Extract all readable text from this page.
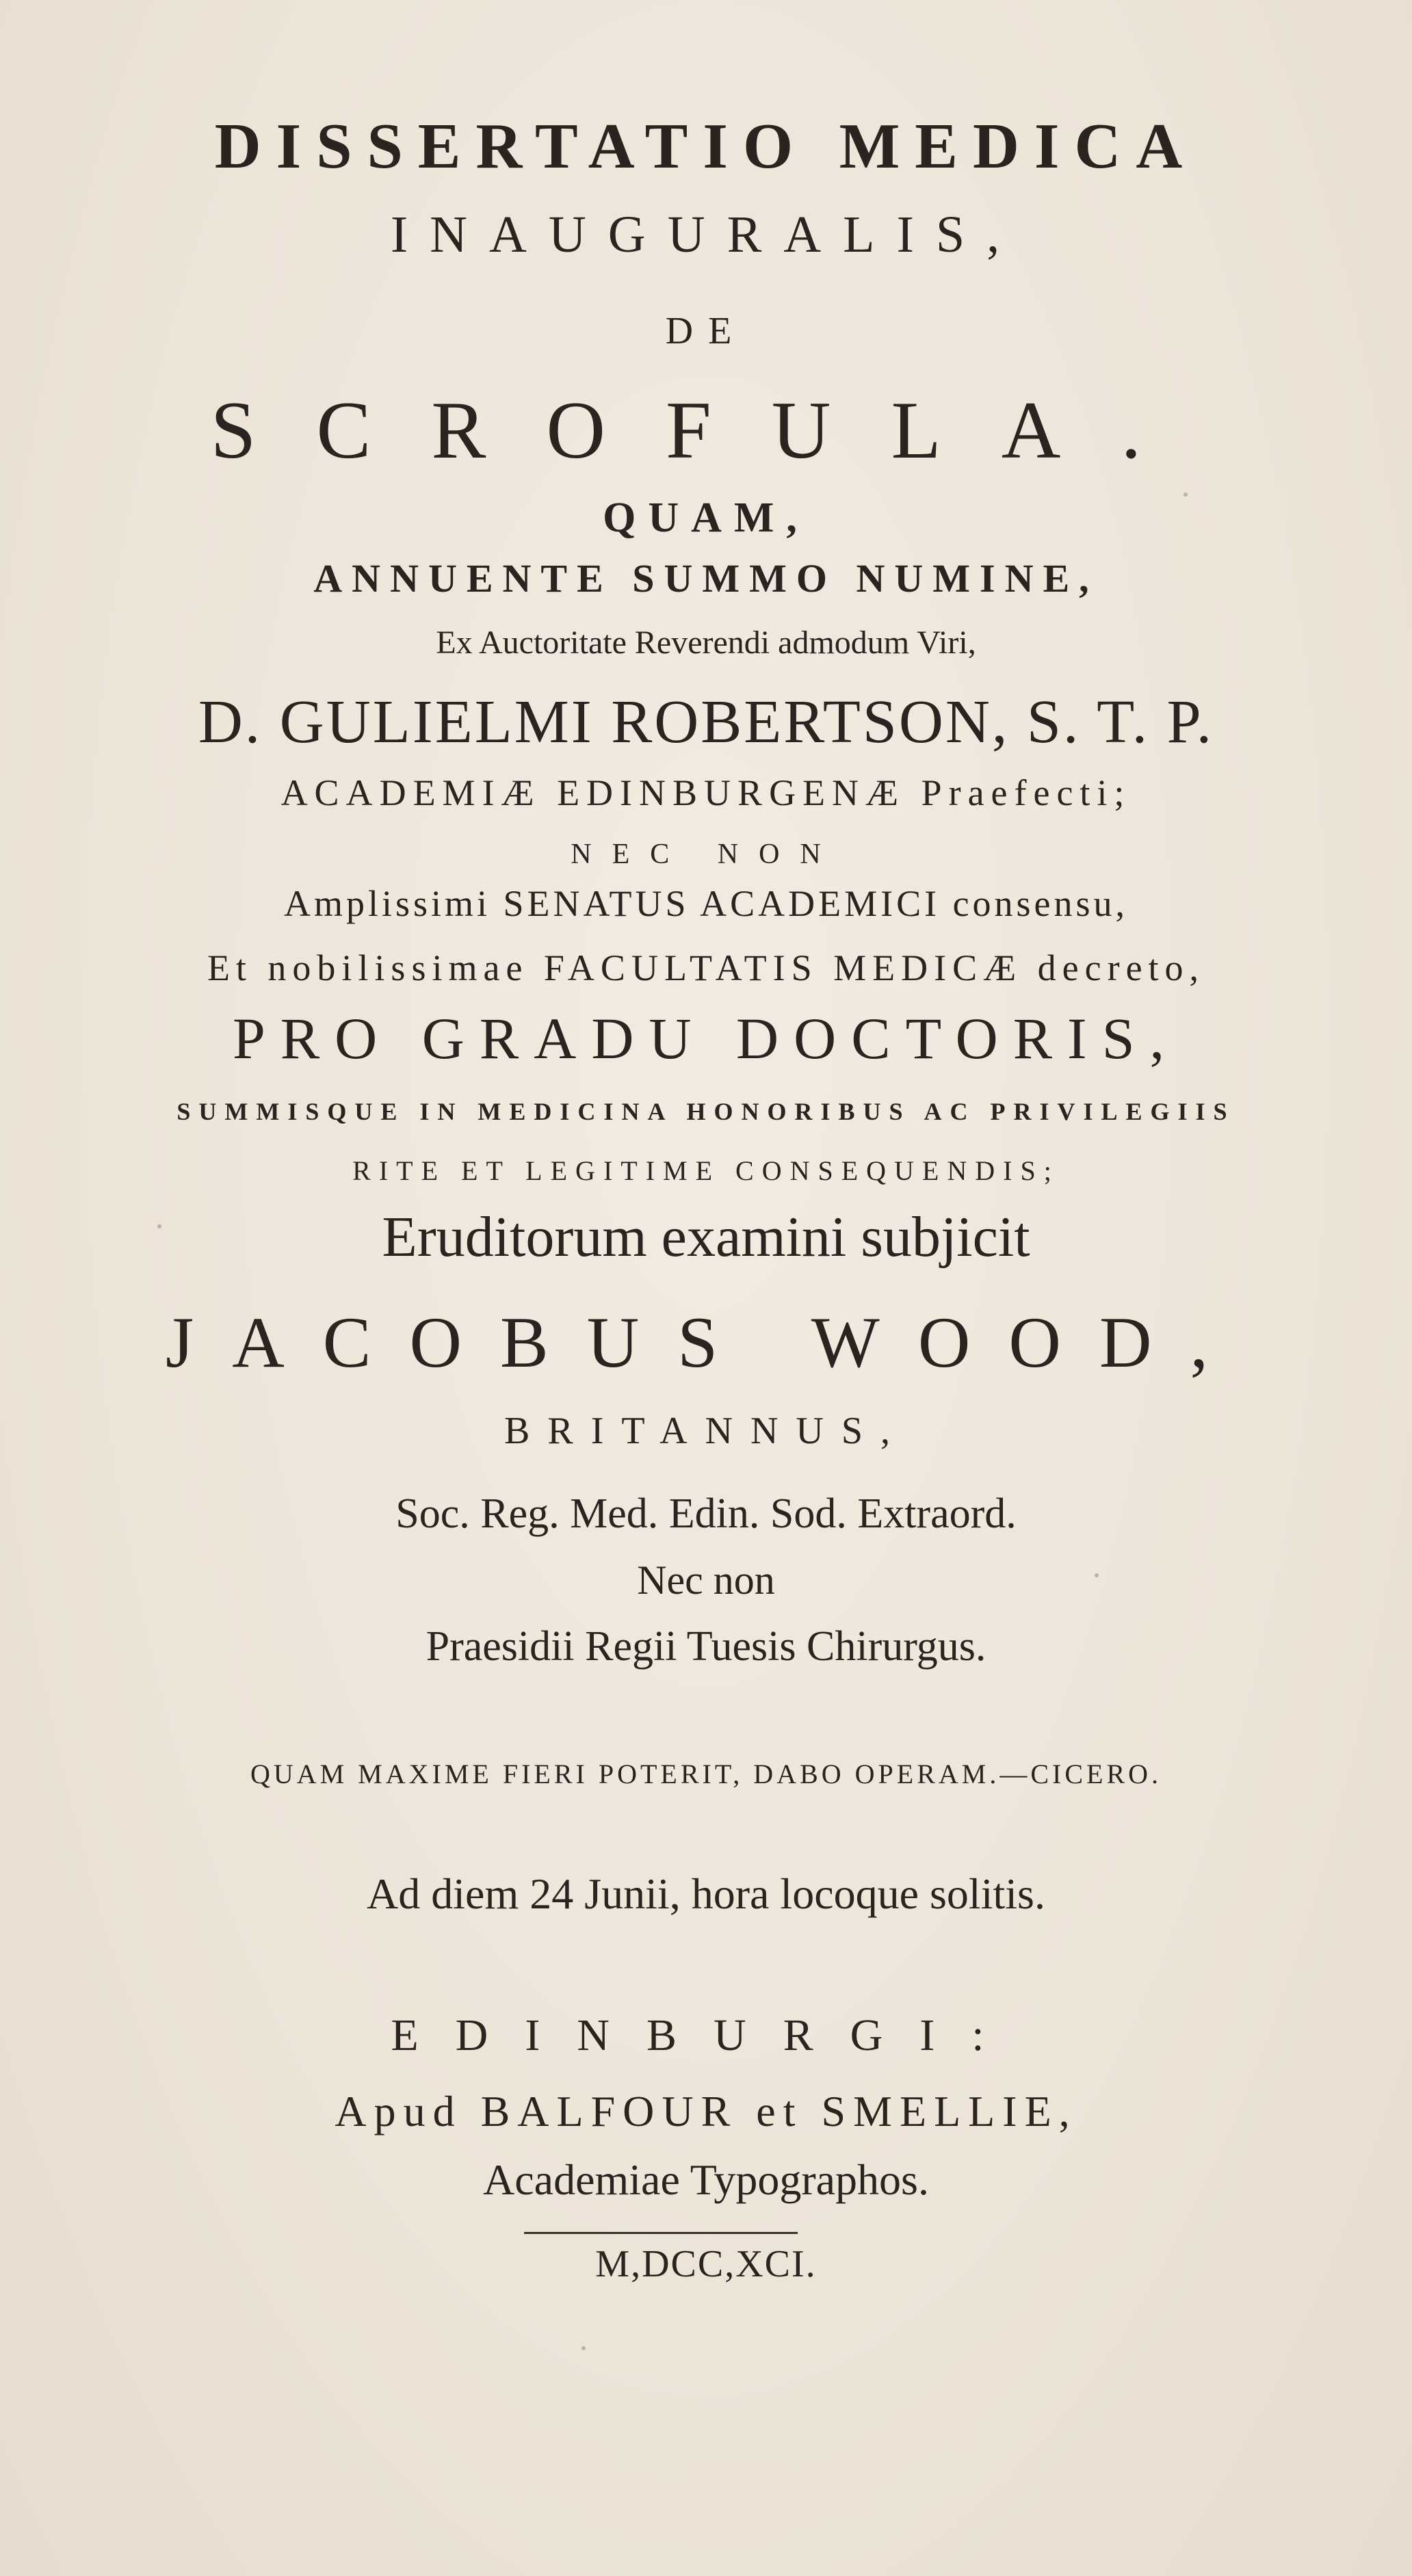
DISSERTATIO MEDICA
INAUGURALIS,
DE
SCROFULA.
QUAM,
ANNUENTE SUMMO NUMINE,
Ex Auctoritate Reverendi admodum Viri,
D. GULIELMI ROBERTSON, S. T. P.
ACADEMIÆ EDINBURGENÆ Praefecti;
NEC NON
Amplissimi SENATUS ACADEMICI consensu,
Et nobilissimae FACULTATIS MEDICÆ decreto,
PRO GRADU DOCTORIS,
SUMMISQUE IN MEDICINA HONORIBUS AC PRIVILEGIIS
RITE ET LEGITIME CONSEQUENDIS;
Eruditorum examini subjicit
JACOBUS WOOD,
BRITANNUS,
Soc. Reg. Med. Edin. Sod. Extraord.
Nec non
Praesidii Regii Tuesis Chirurgus.
QUAM MAXIME FIERI POTERIT, DABO OPERAM.—CICERO.
Ad diem 24 Junii, hora locoque solitis.
EDINBURGI:
Apud BALFOUR et SMELLIE,
Academiae Typographos.
M,DCC,XCI.
